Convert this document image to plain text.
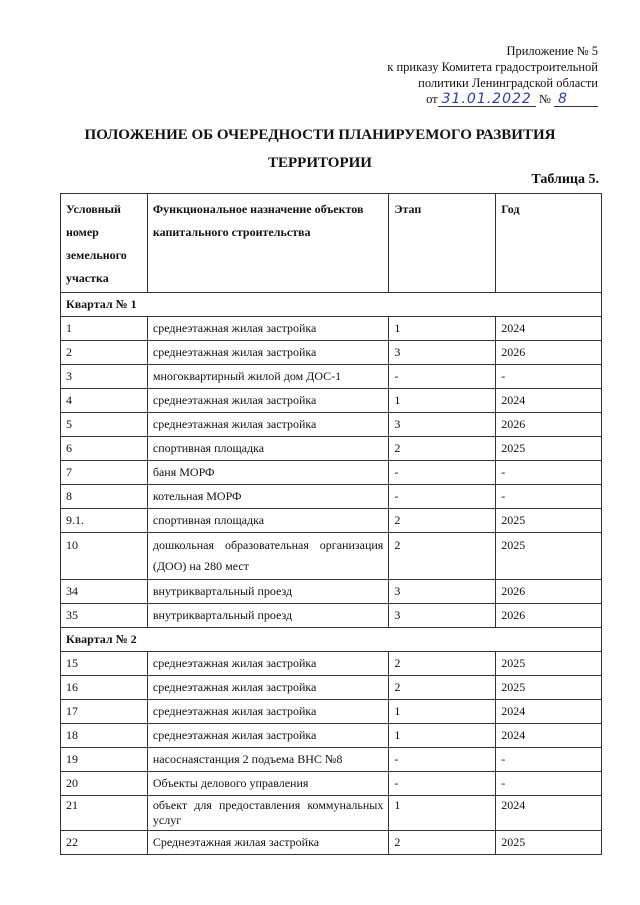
Приложение № 5
к приказу Комитета градостроительной
политики Ленинградской области
от 31.01.2022 № 8
ПОЛОЖЕНИЕ ОБ ОЧЕРЕДНОСТИ ПЛАНИРУЕМОГО РАЗВИТИЯ
ТЕРРИТОРИИ
Таблица 5.
Условный номер земельного участка	Функциональное назначение объектов капитального строительства	Этап	Год
Квартал № 1			
1	среднеэтажная жилая застройка	1	2024
2	среднеэтажная жилая застройка	3	2026
3	многоквартирный жилой дом ДОС-1	-	-
4	среднеэтажная жилая застройка	1	2024
5	среднеэтажная жилая застройка	3	2026
6	спортивная площадка	2	2025
7	баня МОРФ	-	-
8	котельная МОРФ	-	-
9.1.	спортивная площадка	2	2025
10	дошкольная образовательная организация (ДОО) на 280 мест	2	2025
34	внутриквартальный проезд	3	2026
35	внутриквартальный проезд	3	2026
Квартал № 2			
15	среднеэтажная жилая застройка	2	2025
16	среднеэтажная жилая застройка	2	2025
17	среднеэтажная жилая застройка	1	2024
18	среднеэтажная жилая застройка	1	2024
19	насоснаястанция 2 подъема ВНС №8	-	-
20	Объекты делового управления	-	-
21	объект для предоставления коммунальных услуг	1	2024
22	Среднеэтажная жилая застройка	2	2025
